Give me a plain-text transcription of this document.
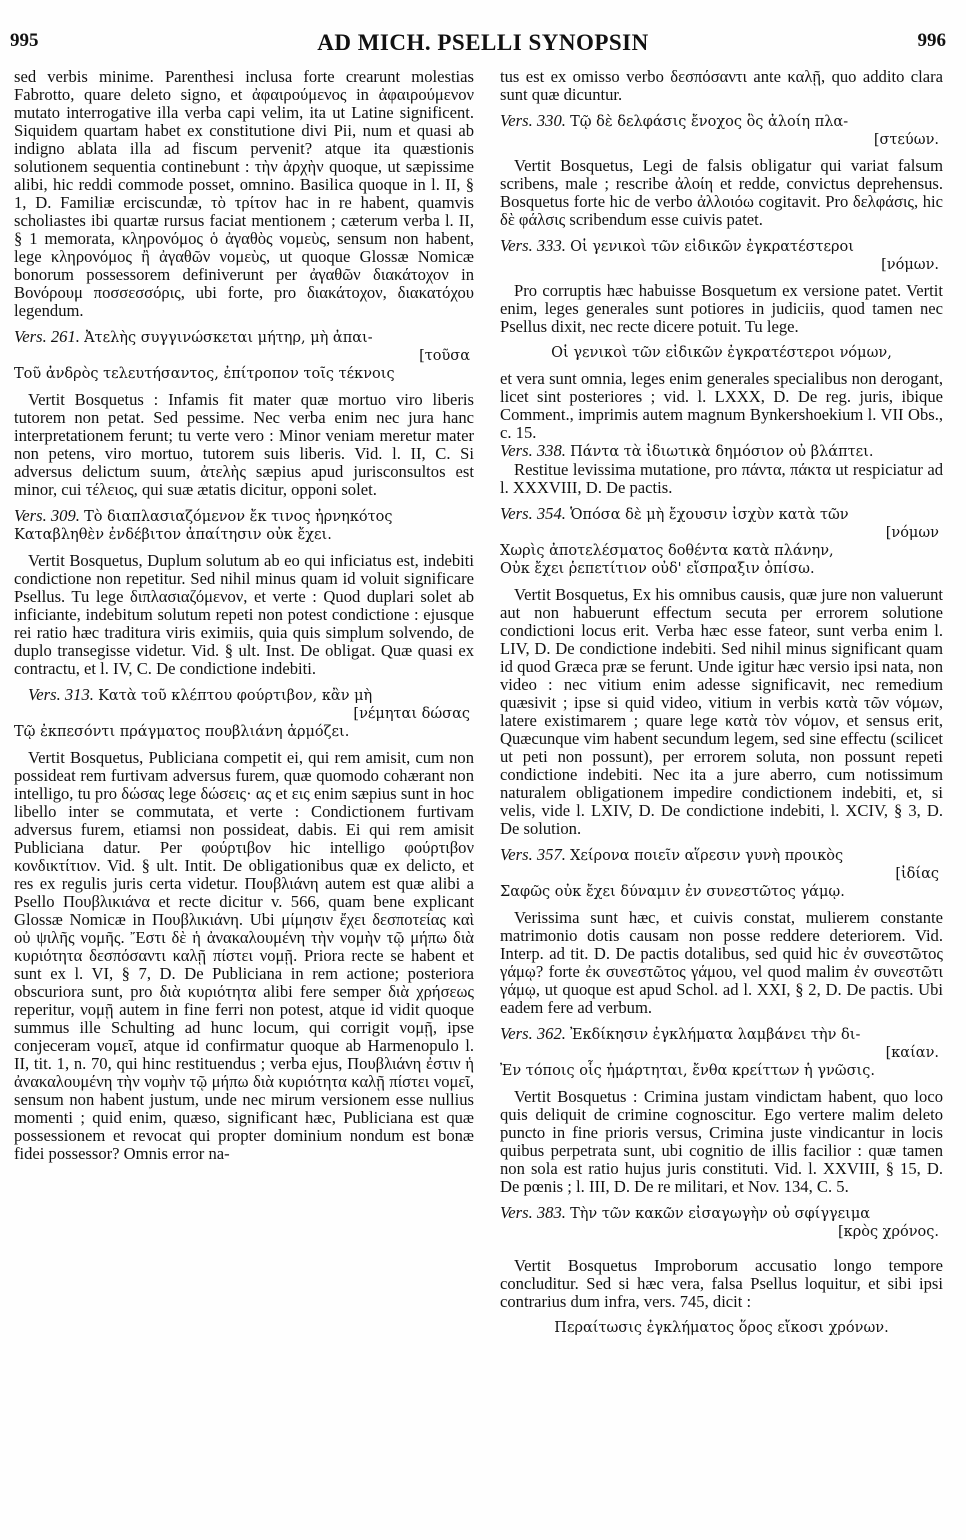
995	AD MICH. PSELLI SYNOPSIN	996

sed verbis minime. Parenthesi inclusa forte crearunt molestias Fabrotto, quare deleto signo, et ἀφαιρούμενος in ἀφαιρούμενον mutato interrogative illa verba capi velim, ita ut Latine significent. Siquidem quartam habet ex constitutione divi Pii, num et quasi ab indigno ablata illa ad fiscum pervenit? atque ita quæstionis solutionem sequentia continebunt : τὴν ἀρχὴν quoque, ut sæpissime alibi, hic reddi commode posset, omnino. Basilica quoque in l. II, § 1, D. Familiæ erciscundæ, τὸ τρίτον hac in re habent, quamvis scholiastes ibi quartæ rursus faciat mentionem ; cæterum verba l. II, § 1 memorata, κληρονόμος ὁ ἀγαθὸς νομεὺς, sensum non habent, lege κληρονόμος ἢ ἀγαθῶν νομεὺς, ut quoque Glossæ Nomicæ bonorum possessorem definiverunt per ἀγαθῶν διακάτοχον in Βονόρουμ ποσσεσσόρις, ubi forte, pro διακάτοχον, διακατόχου legendum.

Vers. 261. Ἀτελὴς συγγινώσκεται μήτηρ, μὴ ἀπαι-
[τοῦσα
Τοῦ ἀνδρὸς τελευτήσαντος, ἐπίτροπον τοῖς τέκνοις

Vertit Bosquetus : Infamis fit mater quæ mortuo viro liberis tutorem non petat. Sed pessime. Nec verba enim nec jura hanc interpretationem ferunt; tu verte vero : Minor veniam meretur mater non petens, viro mortuo, tutorem suis liberis. Vid. l. II, C. Si adversus delictum suum, ἀτελὴς sæpius apud jurisconsultos est minor, cui τέλειος, qui suæ ætatis dicitur, opponi solet.

Vers. 309. Τὸ διαπλασιαζόμενον ἔκ τινος ἠρνηκότος
Καταβληθὲν ἐνδέβιτον ἀπαίτησιν οὐκ ἔχει.

Vertit Bosquetus, Duplum solutum ab eo qui inficiatus est, indebiti condictione non repetitur. Sed nihil minus quam id voluit significare Psellus. Tu lege διπλασιαζόμενον, et verte : Quod duplari solet ab inficiante, indebitum solutum repeti non potest condictione : ejusque rei ratio hæc traditura viris eximiis, quia quis simplum solvendo, de duplo transegisse videtur. Vid. § ult. Inst. De obligat. Quæ quasi ex contractu, et l. IV, C. De condictione indebiti.

Vers. 313. Κατὰ τοῦ κλέπτου φούρτιβον, κἂν μὴ
[νέμηται δώσας
Τῷ ἐκπεσόντι πράγματος πουβλιάνη ἁρμόζει.

Vertit Bosquetus, Publiciana competit ei, qui rem amisit, cum non possideat rem furtivam adversus furem, quæ quomodo cohærant non intelligo, tu pro δώσας lege δώσεις· ας et εις enim sæpius sunt in hoc libello inter se commutata, et verte : Condictionem furtivam adversus furem, etiamsi non possideat, dabis. Ei qui rem amisit Publiciana datur. Per φούρτιβον hic intelligo φούρτιβον κονδικτίτιον. Vid. § ult. Intit. De obligationibus quæ ex delicto, et res ex regulis juris certa videtur. Πουβλιάνη autem est quæ alibi a Psello Πουβλικιάνα et recte dicitur v. 566, quam bene explicant Glossæ Nomicæ in Πουβλικιάνη. Ubi μίμησιν ἔχει δεσποτείας καὶ οὐ ψιλῆς νομῆς. Ἔστι δὲ ἡ ἀνακαλουμένη τὴν νομὴν τῷ μήπω διὰ κυριότητα δεσπόσαντι καλῇ πίστει νομῇ. Priora recte se habent et sunt ex l. VI, § 7, D. De Publiciana in rem actione; posteriora obscuriora sunt, pro διὰ κυριότητα alibi fere semper διὰ χρήσεως reperitur, νομῇ autem in fine ferri non potest, atque id vidit quoque summus ille Schulting ad hunc locum, qui corrigit νομῇ, ipse conjeceram νομεῖ, atque id confirmatur quoque ab Harmenopulo l. II, tit. 1, n. 70, qui hinc restituendus ; verba ejus, Πουβλιάνη ἐστιν ἡ ἀνακαλουμένη τὴν νομὴν τῷ μήπω διὰ κυριότητα καλῇ πίστει νομεῖ, sensum non habent justum, unde nec mirum versionem esse nullius momenti ; quid enim, quæso, significant hæc, Publiciana est quæ possessionem et revocat qui propter dominium nondum est bonæ fidei possessor? Omnis error na-

tus est ex omisso verbo δεσπόσαντι ante καλῇ, quo addito clara sunt quæ dicuntur.

Vers. 330. Τῷ δὲ δελφάσις ἔνοχος ὃς ἀλοίη πλα-
[στεύων.

Vertit Bosquetus, Legi de falsis obligatur qui variat falsum scribens, male ; rescribe ἀλοίη et redde, convictus deprehensus. Bosquetus forte hic de verbo ἀλλοιόω cogitavit. Pro δελφάσις, hic δὲ φάλσις scribendum esse cuivis patet.

Vers. 333. Οἱ γενικοὶ τῶν εἰδικῶν ἐγκρατέστεροι
[νόμων.

Pro corruptis hæc habuisse Bosquetum ex versione patet. Vertit enim, leges generales sunt potiores in judiciis, quod tamen nec Psellus dixit, nec recte dicere potuit. Tu lege.

Οἱ γενικοὶ τῶν εἰδικῶν ἐγκρατέστεροι νόμων,

et vera sunt omnia, leges enim generales specialibus non derogant, licet sint posteriores ; vid. l. LXXX, D. De reg. juris, ibique Comment., imprimis autem magnum Bynkershoekium l. VII Obs., c. 15.

Vers. 338. Πάντα τὰ ἰδιωτικὰ δημόσιον οὐ βλάπτει.

Restitue levissima mutatione, pro πάντα, πάκτα ut respiciatur ad l. XXXVIII, D. De pactis.

Vers. 354. Ὁπόσα δὲ μὴ ἔχουσιν ἰσχὺν κατὰ τῶν
[νόμων
Χωρὶς ἀποτελέσματος δοθέντα κατὰ πλάνην,
Οὐκ ἔχει ῥεπετίτιον οὐδ' εἴσπραξιν ὀπίσω.

Vertit Bosquetus, Ex his omnibus causis, quæ jure non valuerunt aut non habuerunt effectum secuta per errorem solutione condictioni locus erit. Verba hæc esse fateor, sunt verba enim l. LIV, D. De condictione indebiti. Sed nihil minus significant quam id quod Græca præ se ferunt. Unde igitur hæc versio ipsi nata, non video : nec vitium enim adesse significavit, nec remedium quæsivit ; ipse si quid video, vitium in verbis κατὰ τῶν νόμων, latere existimarem ; quare lege κατὰ τὸν νόμον, et sensus erit, Quæcunque vim habent secundum legem, sed sine effectu (scilicet ut peti non possunt), per errorem soluta, non possunt repeti condictione indebiti. Nec ita a jure aberro, cum notissimum naturalem obligationem impedire condictionem indebiti, et, si velis, vide l. LXIV, D. De condictione indebiti, l. XCIV, § 3, D. De solution.

Vers. 357. Χείρονα ποιεῖν αἵρεσιν γυνὴ προικὸς
[ἰδίας
Σαφῶς οὐκ ἔχει δύναμιν ἐν συνεστῶτος γάμῳ.

Verissima sunt hæc, et cuivis constat, mulierem constante matrimonio dotis causam non posse reddere deteriorem. Vid. Interp. ad tit. D. De pactis dotalibus, sed quid hic ἐν συνεστῶτος γάμῳ? forte ἐκ συνεστῶτος γάμου, vel quod malim ἐν συνεστῶτι γάμῳ, ut quoque est apud Schol. ad l. XXI, § 2, D. De pactis. Ubi eadem fere ad verbum.

Vers. 362. Ἐκδίκησιν ἐγκλήματα λαμβάνει τὴν δι-
[καίαν.
Ἐν τόποις οἷς ἡμάρτηται, ἔνθα κρείττων ἡ γνῶσις.

Vertit Bosquetus : Crimina justam vindictam habent, quo loco quis deliquit de crimine cognoscitur. Ego vertere malim deleto puncto in fine prioris versus, Crimina juste vindicantur in locis quibus perpetrata sunt, ubi cognitio de illis facilior : quæ tamen non sola est ratio hujus juris constituti. Vid. l. XXVIII, § 15, D. De pœnis ; l. III, D. De re militari, et Nov. 134, C. 5.

Vers. 383. Τὴν τῶν κακῶν εἰσαγωγὴν οὐ σφίγγειμα
[κρὸς χρόνος.

Vertit Bosquetus Improborum accusatio longo tempore concluditur. Sed si hæc vera, falsa Psellus loquitur, et sibi ipsi contrarius dum infra, vers. 745, dicit :

Περαίτωσις ἐγκλήματος ὅρος εἴκοσι χρόνων.
